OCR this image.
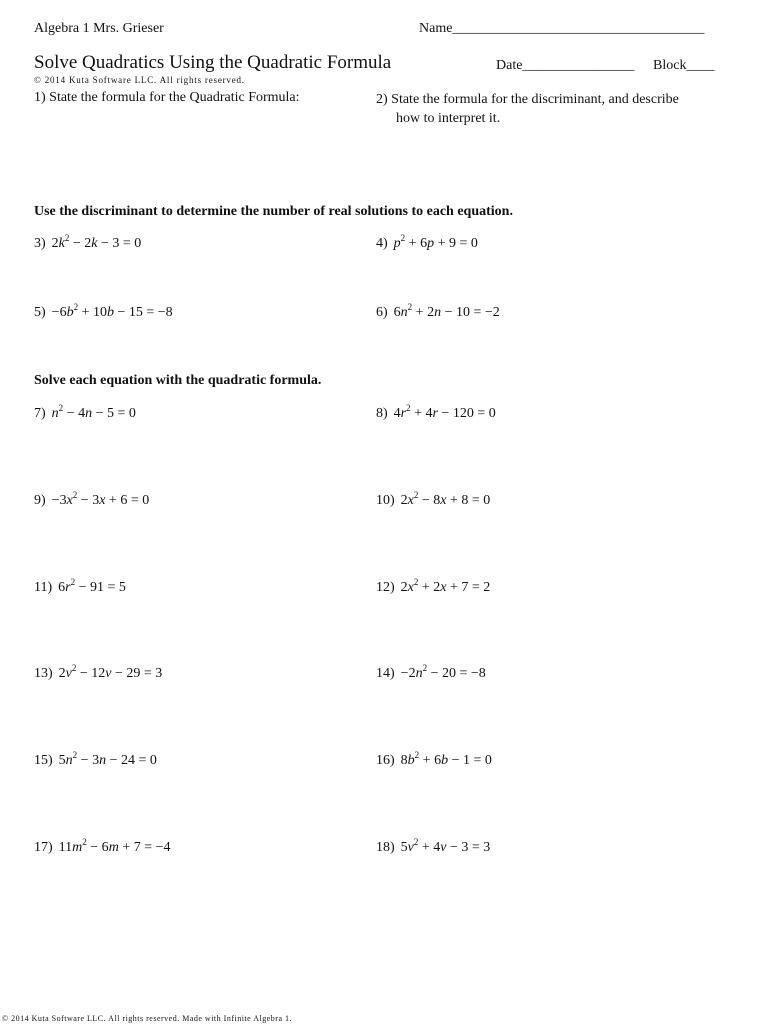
Algebra 1 Mrs. Grieser	Name____________________________________
Solve Quadratics Using the Quadratic Formula	Date________________ Block____
© 2014 Kuta Software LLC. All rights reserved.
1) State the formula for the Quadratic Formula:	2) State the formula for the discriminant, and describe how to interpret it.
Use the discriminant to determine the number of real solutions to each equation.
Solve each equation with the quadratic formula.
3) $2k^2 - 2k - 3 = 0$	4) $p^2 + 6p + 9 = 0$
$5) -6b^2 + 10b - 15 = -8$	6) $6n^2 + 2n - 10 = -2$
7) $n^2 - 4n - 5 = 0$	8) $4r^2 + 4r - 120 = 0$
$9) -3x^2 - 3x + 6 = 0$	10) $2x^2 - 8x + 8 = 0$
11) $6r^2 - 91 = 5$	12) $2x^2 + 2x + 7 = 2$
13) $2v^2 - 12v - 29 = 3$	$14) -2n^2 - 20 = -8$
15) $5n^2 - 3n - 24 = 0$	16) $8b^2 + 6b - 1 = 0$
17) $11m^2 - 6m + 7 = -4$	18) $5v^2 + 4v - 3 = 3$
© 2014 Kuta Software LLC. All rights reserved. Made with Infinite Algebra 1.
